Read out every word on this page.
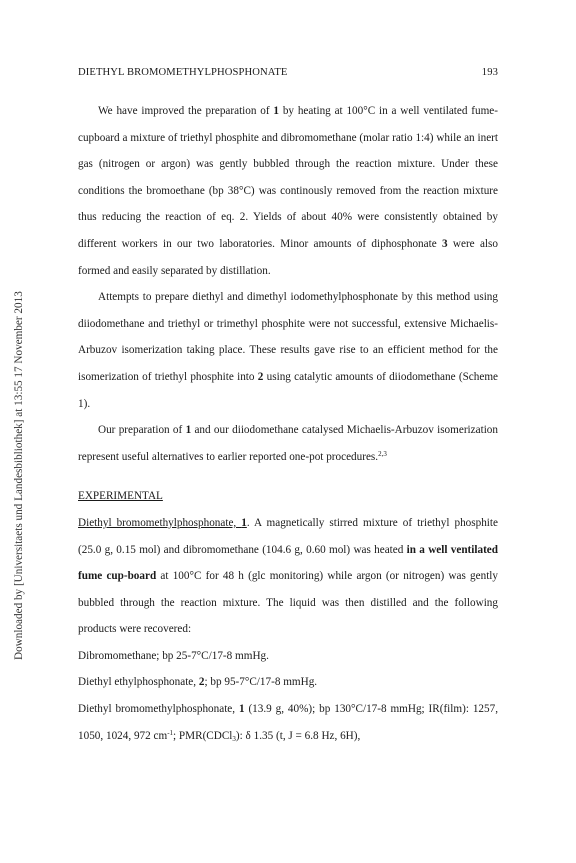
DIETHYL BROMOMETHYLPHOSPHONATE	193
Downloaded by [Universitaets und Landesbibliothek] at 13:55 17 November 2013

We have improved the preparation of 1 by heating at 100°C in a well ventilated fume-cupboard a mixture of triethyl phosphite and dibromomethane (molar ratio 1:4) while an inert gas (nitrogen or argon) was gently bubbled through the reaction mixture. Under these conditions the bromoethane (bp 38°C) was continously removed from the reaction mixture thus reducing the reaction of eq. 2. Yields of about 40% were consistently obtained by different workers in our two laboratories. Minor amounts of diphosphonate 3 were also formed and easily separated by distillation.

Attempts to prepare diethyl and dimethyl iodomethylphosphonate by this method using diiodomethane and triethyl or trimethyl phosphite were not successful, extensive Michaelis-Arbuzov isomerization taking place. These results gave rise to an efficient method for the isomerization of triethyl phosphite into 2 using catalytic amounts of diiodomethane (Scheme 1).

Our preparation of 1 and our diiodomethane catalysed Michaelis-Arbuzov isomerization represent useful alternatives to earlier reported one-pot procedures.$^{2,3}$

EXPERIMENTAL

Diethyl bromomethylphosphonate, 1. A magnetically stirred mixture of triethyl phosphite (25.0 g, 0.15 mol) and dibromomethane (104.6 g, 0.60 mol) was heated in a well ventilated fume cup-board at 100°C for 48 h (glc monitoring) while argon (or nitrogen) was gently bubbled through the reaction mixture. The liquid was then distilled and the following products were recovered:

Dibromomethane; bp 25-7°C/17-8 mmHg.

Diethyl ethylphosphonate, 2; bp 95-7°C/17-8 mmHg.

Diethyl bromomethylphosphonate, 1 (13.9 g, 40%); bp 130°C/17-8 mmHg; IR(film): 1257, 1050, 1024, 972 $cm^{-1}$; PMR(CDCl$_3$): δ 1.35 (t, J = 6.8 Hz, 6H),
